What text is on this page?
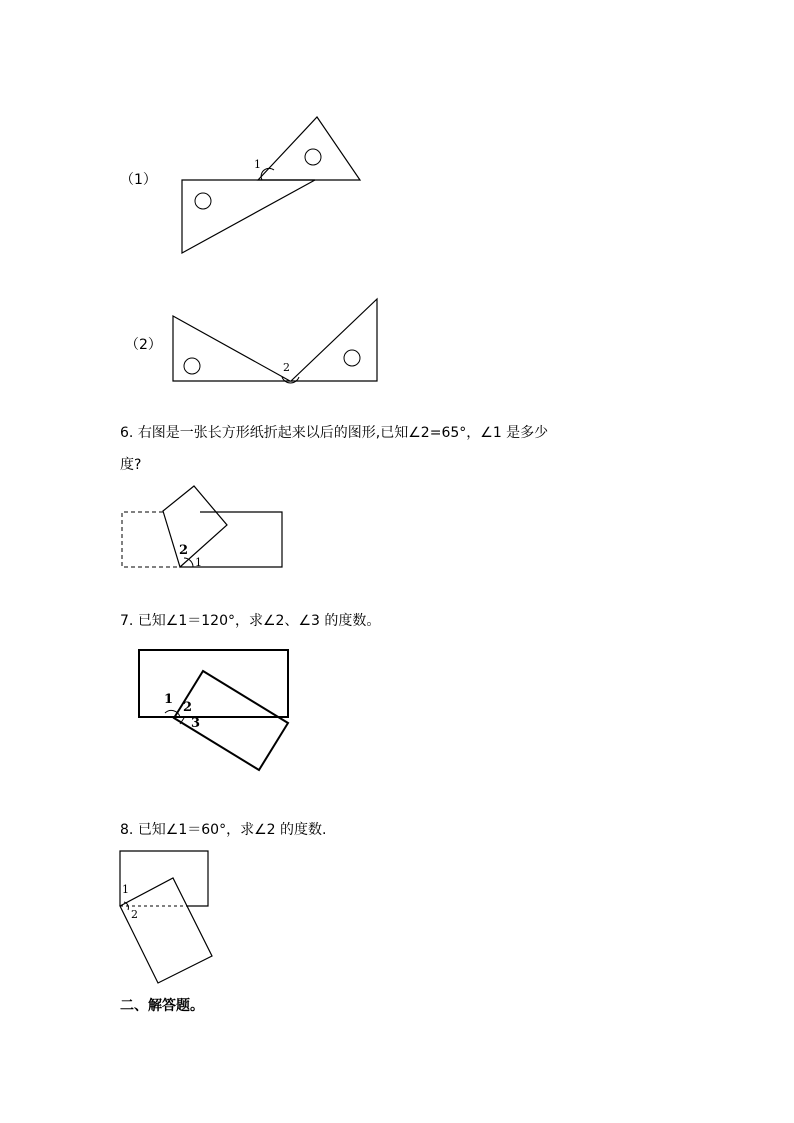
（1）
1
（2）
2
6. 右图是一张长方形纸折起来以后的图形,已知∠2=65°，∠1 是多少
度?
2
1
7. 已知∠1＝120°，求∠2、∠3 的度数。
1
2
3
8. 已知∠1＝60°，求∠2 的度数.
1
2
二、解答题。
